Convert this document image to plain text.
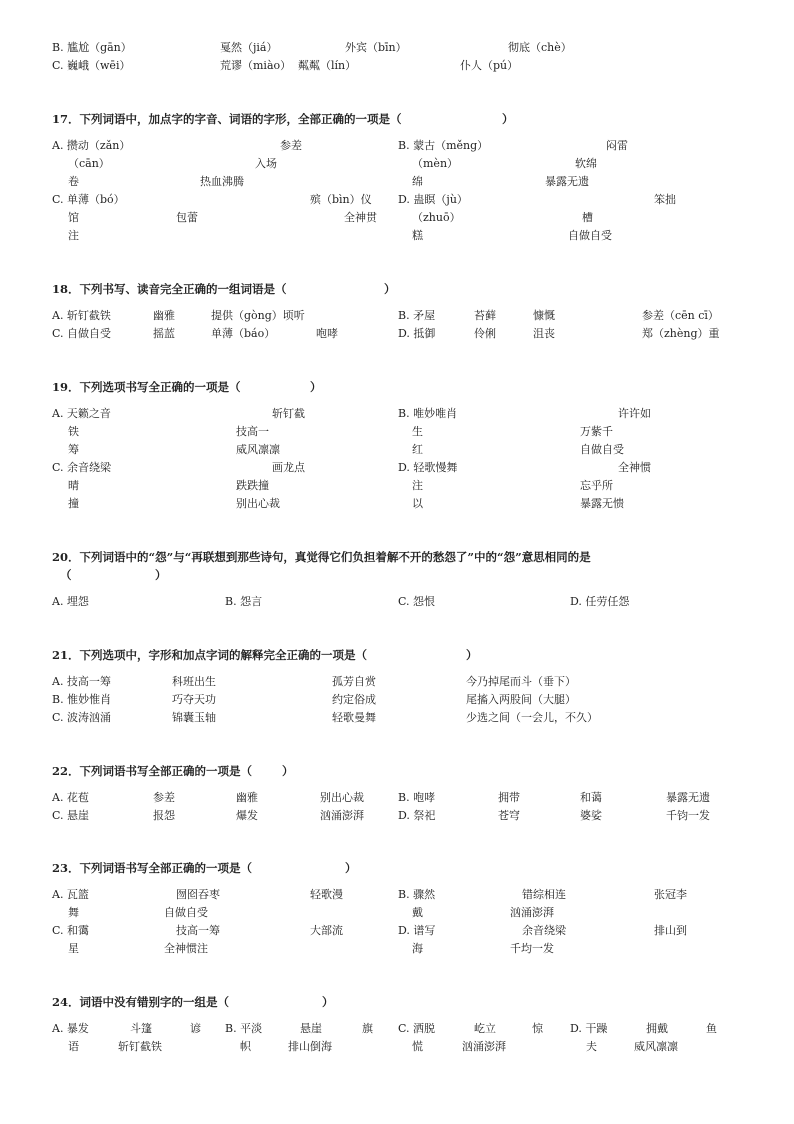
B. 尴尬（gān）	戛然（jiá）	外宾（bīn）	彻底（chè）
C. 巍峨（wēi）	荒谬（miào） 粼粼（lín）	仆人（pú）
17．下列词语中，加点字的字音、词语的字形，全部正确的一项是（	）
A. 攒动（zǎn）	参差	B. 蒙古（měng）	闷雷
（cān）	入场	（mèn）	软绵
卷	热血沸腾	绵	暴露无遗
C. 单薄（bó）	殡（bìn）仪 D. 蛊瞑（jù）	笨拙
馆	包蕾	全神贯	（zhuō）	槽
注	糕	自做自受
18．下列书写、读音完全正确的一组词语是（	）
A. 斩钉截铁	幽雅	提供（gòng）顷听	B. 矛屋	苔藓	慷慨	参差（cēn cī）
C. 自做自受	摇蓝	单薄（báo）	咆哮	D. 抵御	伶俐	沮丧	郑（zhèng）重
19．下列选项书写全正确的一项是（	）
A. 天籁之音	斩钉截	B. 唯妙唯肖	许许如
铁	技高一	生	万紫千
筹	威风凛凛	红	自做自受
C. 余音绕梁	画龙点	D. 轻歌慢舞	全神惯
晴	跌跌撞	注	忘乎所
撞	别出心裁	以	暴露无愦
20．下列词语中的“怨”与“再联想到那些诗句，真觉得它们负担着解不开的愁怨了”中的“怨”意思相同的是
（	）
A. 埋怨	B. 怨言	C. 怨恨	D. 任劳任怨
21．下列选项中，字形和加点字词的解释完全正确的一项是（	）
A. 技高一筹	科班出生	孤芳自赏	今乃掉尾而斗（垂下）
B. 惟妙惟肖	巧夺天功	约定俗成	尾搐入两股间（大腿）
C. 波涛汹涌	锦囊玉轴	轻歌曼舞	少选之间（一会儿，不久）
22．下列词语书写全部正确的一项是（	）
A. 花苞	参差	幽雅	别出心裁	B. 咆哮	拥带	和蔼	暴露无遗
C. 悬崖	报怨	爆发	汹涌澎湃	D. 祭祀	苍穹	婆娑	千钧一发
23．下列词语书写全部正确的一项是（	）
A. 瓦篮	囫囵吞枣	轻歌漫	B. 骤然	错综相连	张冠李
舞	自做自受	戴	汹涌澎湃
C. 和霭	技高一筹	大部流	D. 谱写	余音绕梁	排山到
星	全神惯注	海	千均一发
24．词语中没有错别字的一组是（	）
A. 暴发	斗篷	谚 B. 平淡	悬崖	旗 C. 洒脱	屹立	惊 D. 干躁	拥戴	鱼
语	斩钉截铁	帜	排山倒海	慌	汹涌澎湃	夫	威风凛凛
